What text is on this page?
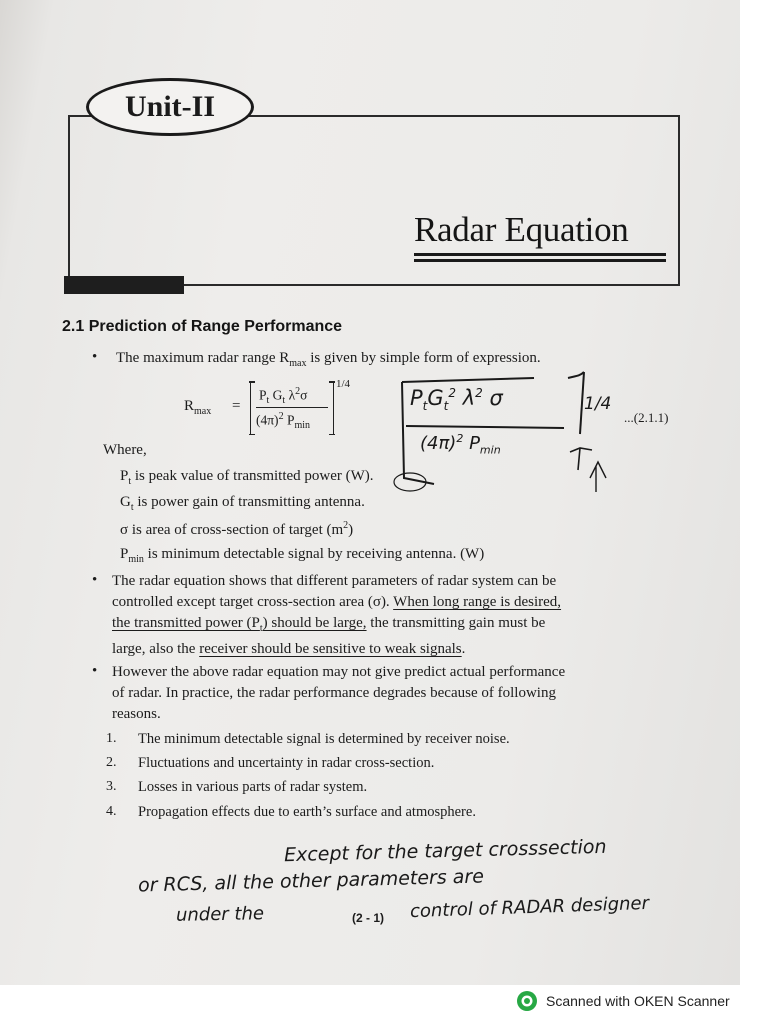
Unit-II
Radar Equation
2.1 Prediction of Range Performance
• The maximum radar range $R_{max}$ is given by simple form of expression.
$R_{max}$ =
$P_t$ $G_t$ $\lambda^2\sigma$
$(4\pi)^2$ $P_{min}$
1/4
...(2.1.1)
$P_tG_t^2$ $\lambda^2$ σ
$(4\pi)^2$ $P_{min}$
1/4
Where,
$P_t$ is peak value of transmitted power (W).
$G_t$ is power gain of transmitting antenna.
σ is area of cross-section of target $(m^2)$
$P_{min}$ is minimum detectable signal by receiving antenna. (W)
• The radar equation shows that different parameters of radar system can be
controlled except target cross-section area (σ). When long range is desired,
the transmitted power $(P_t)$ should be large, the transmitting gain must be
large, also the receiver should be sensitive to weak signals.
• However the above radar equation may not give predict actual performance
of radar. In practice, the radar performance degrades because of following
reasons.
1. The minimum detectable signal is determined by receiver noise.
2. Fluctuations and uncertainty in radar cross-section.
3. Losses in various parts of radar system.
4. Propagation effects due to earth’s surface and atmosphere.
Except for the target crosssection
or RCS, all the other parameters are
under the	control of RADAR designer
(2 - 1)
Scanned with OKEN Scanner
